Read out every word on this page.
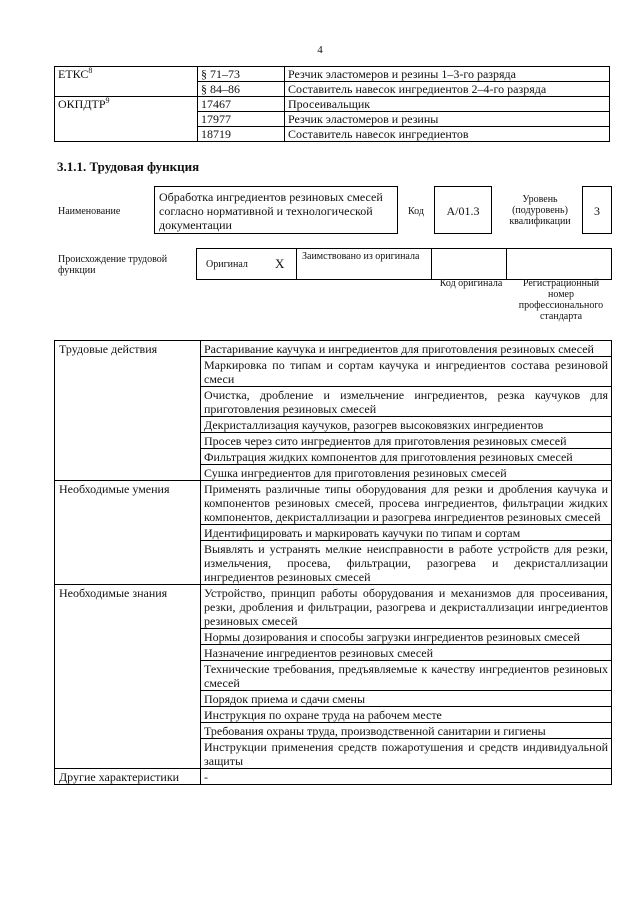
4
ЕТКС$^8$	§ 71–73	Резчик эластомеров и резины 1–3-го разряда
	§ 84–86	Составитель навесок ингредиентов 2–4-го разряда
ОКПДТР$^9$	17467	Просеивальщик
	17977	Резчик эластомеров и резины
	18719	Составитель навесок ингредиентов
3.1.1. Трудовая функция
Наименование
Обработка ингредиентов резиновых смесей согласно нормативной и технологической документации
Код	A/01.3
Уровень (подуровень) квалификации
3
Происхождение трудовой функции
Оригинал X Заимствовано из оригинала
Код оригинала	Регистрационный номер профессионального стандарта
Трудовые действия	Растаривание каучука и ингредиентов для приготовления резиновых смесей
	Маркировка по типам и сортам каучука и ингредиентов состава резиновой смеси
	Очистка, дробление и измельчение ингредиентов, резка каучуков для приготовления резиновых смесей
	Декристаллизация каучуков, разогрев высоковязких ингредиентов
	Просев через сито ингредиентов для приготовления резиновых смесей
	Фильтрация жидких компонентов для приготовления резиновых смесей
	Сушка ингредиентов для приготовления резиновых смесей
Необходимые умения	Применять различные типы оборудования для резки и дробления каучука и компонентов резиновых смесей, просева ингредиентов, фильтрации жидких компонентов, декристаллизации и разогрева ингредиентов резиновых смесей
	Идентифицировать и маркировать каучуки по типам и сортам
	Выявлять и устранять мелкие неисправности в работе устройств для резки, измельчения, просева, фильтрации, разогрева и декристаллизации ингредиентов резиновых смесей
Необходимые знания	Устройство, принцип работы оборудования и механизмов для просеивания, резки, дробления и фильтрации, разогрева и декристаллизации ингредиентов резиновых смесей
	Нормы дозирования и способы загрузки ингредиентов резиновых смесей
	Назначение ингредиентов резиновых смесей
	Технические требования, предъявляемые к качеству ингредиентов резиновых смесей
	Порядок приема и сдачи смены
	Инструкция по охране труда на рабочем месте
	Требования охраны труда, производственной санитарии и гигиены
	Инструкции применения средств пожаротушения и средств индивидуальной защиты
Другие характеристики	-
